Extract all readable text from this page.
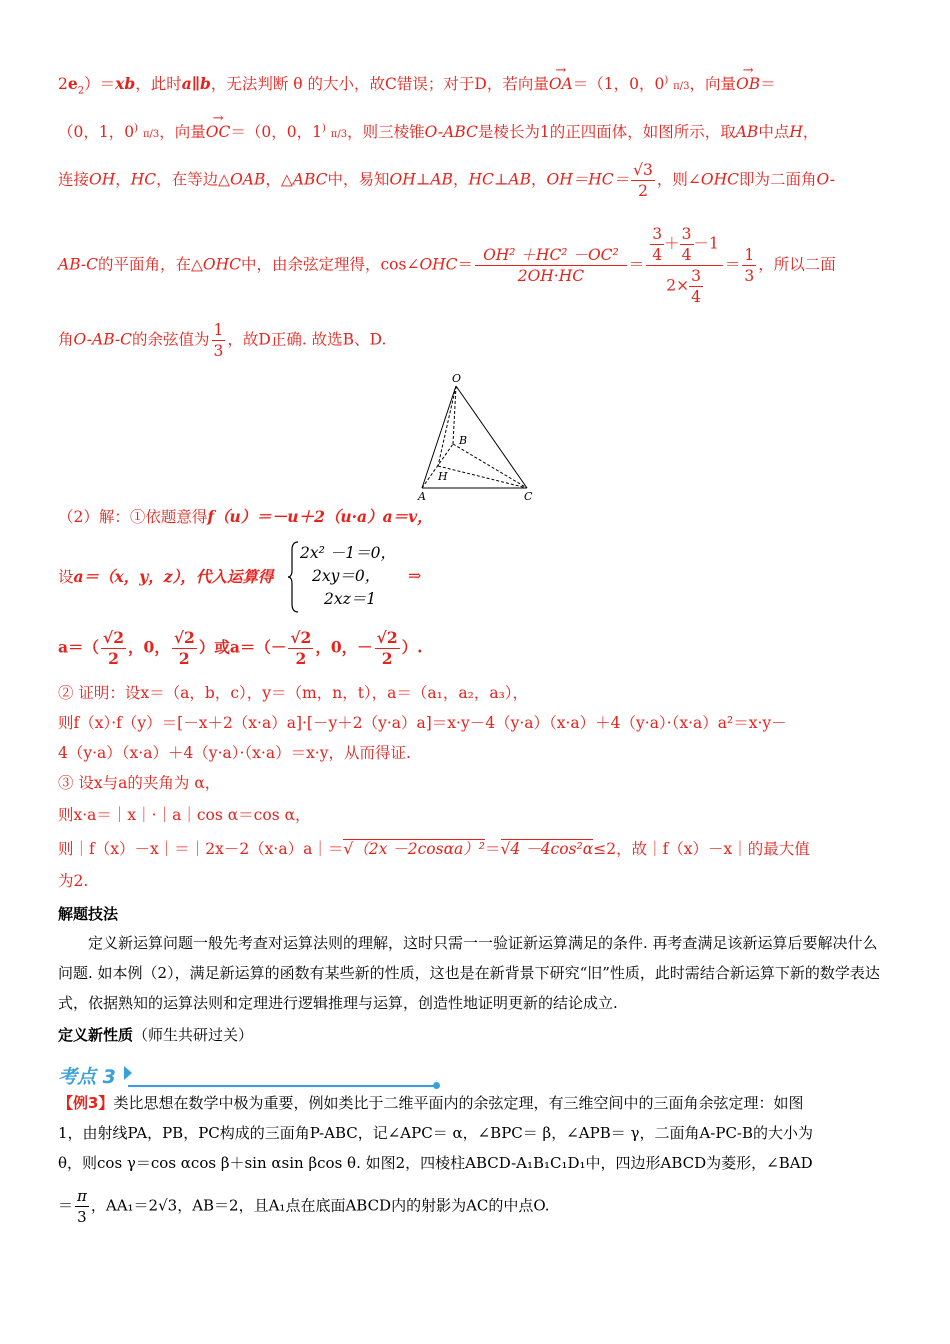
$2e_2)=xb$，此时a∥b，无法判断 θ 的大小，故C错误；对于D，若向量→ OA＝（1，0，0) π/3，向量→ OB＝
（0，1，0) π/3，向量→ OC＝（0，0，1) π/3，则三棱锥O-ABC是棱长为1的正四面体，如图所示，取AB中点H，
连接OH，HC，在等边△OAB，△ABC中，易知OH⊥AB，HC⊥AB，$OH=HC= \frac{√3}{2}$ ，则∠OHC即为二面角O-
AB-C的平面角，在△OHC中，由余弦定理得，cos∠OHC＝ $\frac{\text{OH² ＋HC² －OC²}}{2OH\cdot HC} = \frac{\frac{3}{4} + \frac{3}{4} -1}{2\times \frac{3}{4}} = \frac{1}{3}$ ，所以二面
角O-AB-C的余弦值为 $\frac{1}{3}$ ，故D正确. 故选B、D.
O
B
H
A	C
（2）解：①依题意得f（u）＝－u＋2（u·a）a＝v，
设a＝（x，y，z），代入运算得
2x² －1＝0，
2xy＝0，
2xz＝1
⇒
$a=( \frac{√2}{2}$ ，0， $\frac{√2}{2}$ ）或$a=(- \frac{√2}{2}$ ，0，－ $\frac{√2}{2}$ ）.
② 证明：设x＝（a，b，c），y＝（m，n，t），a＝（a₁，a₂，a₃），
则f（x）·f（y）＝[－x＋2（x·a）a]·[－y＋2（y·a）a]＝x·y－4（y·a）（x·a）＋4（y·a）·（x·a）a²＝x·y－
4（y·a）（x·a）＋4（y·a）·（x·a）＝x·y，从而得证.
③ 设x与a的夹角为 α，
则x·a＝｜x｜·｜a｜cos α＝cos α，
则｜f（x）－x｜＝｜2x－2（x·a）a｜＝√（2x －2cosαa）²＝√4 －4cos²α≤2，故｜f（x）－x｜的最大值
为2.
解题技法
定义新运算问题一般先考查对运算法则的理解，这时只需一一验证新运算满足的条件. 再考查满足该新运算后要解决什么问题. 如本例（2），满足新运算的函数有某些新的性质，这也是在新背景下研究“旧”性质，此时需结合新运算下新的数学表达式，依据熟知的运算法则和定理进行逻辑推理与运算，创造性地证明更新的结论成立.
定义新性质（师生共研过关）
考点 3
【例3】类比思想在数学中极为重要，例如类比于二维平面内的余弦定理，有三维空间中的三面角余弦定理：如图
1，由射线PA，PB，PC构成的三面角P-ABC，记∠APC＝ α，∠BPC＝ β，∠APB＝ γ，二面角A-PC-B的大小为
θ，则cos γ＝cos αcos β＋sin αsin βcos θ. 如图2，四棱柱ABCD-A₁B₁C₁D₁中，四边形ABCD为菱形，∠BAD
＝ $\frac{\pi}{3}$ ，AA₁＝2√3，AB＝2，且A₁点在底面ABCD内的射影为AC的中点O.
